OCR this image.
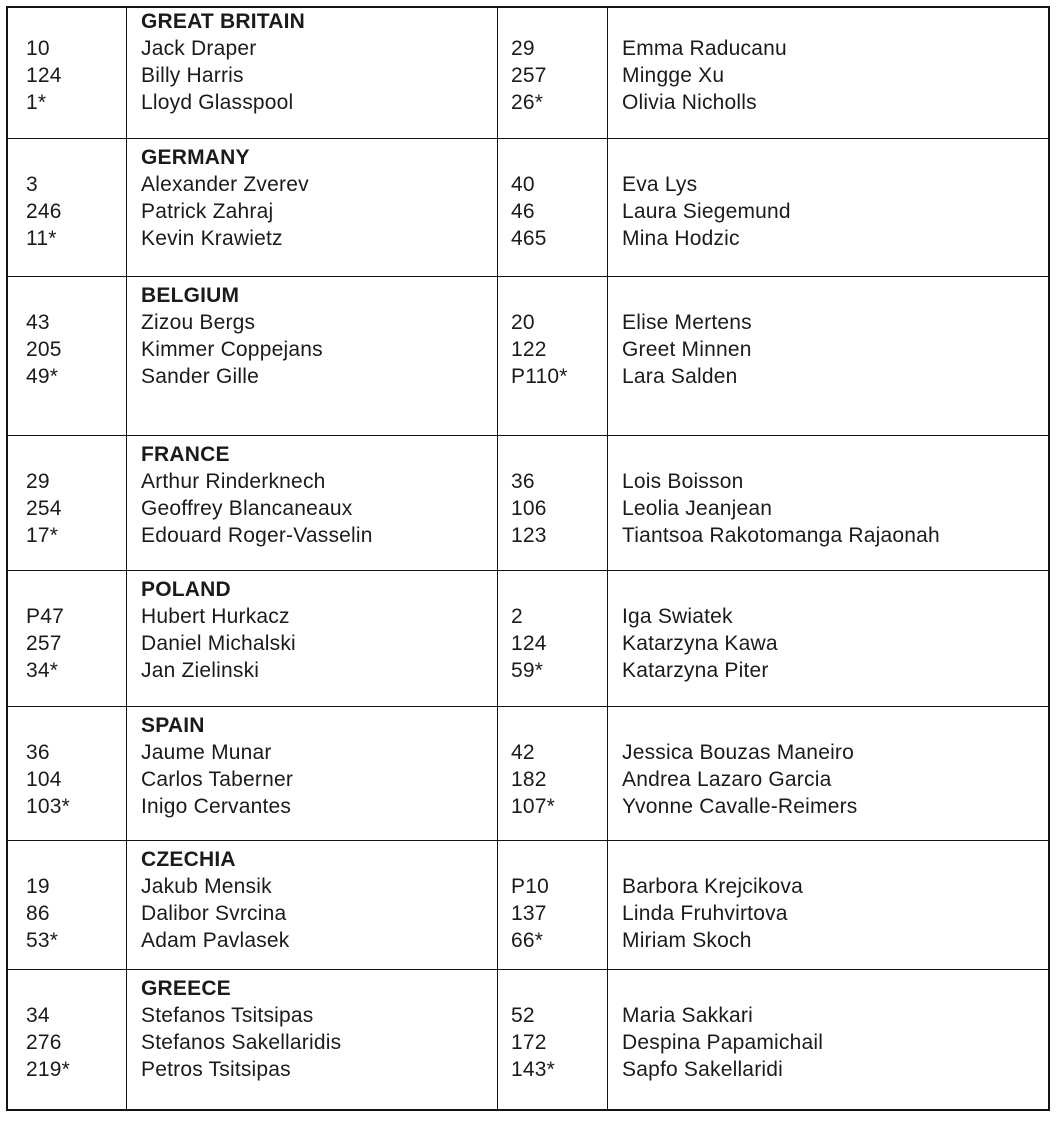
10
124
1*
GREAT BRITAIN
Jack Draper
Billy Harris
Lloyd Glasspool
29
257
26*
Emma Raducanu
Mingge Xu
Olivia Nicholls
3
246
11*
GERMANY
Alexander Zverev
Patrick Zahraj
Kevin Krawietz
40
46
465
Eva Lys
Laura Siegemund
Mina Hodzic
43
205
49*
BELGIUM
Zizou Bergs
Kimmer Coppejans
Sander Gille
20
122
P110*
Elise Mertens
Greet Minnen
Lara Salden
29
254
17*
FRANCE
Arthur Rinderknech
Geoffrey Blancaneaux
Edouard Roger-Vasselin
36
106
123
Lois Boisson
Leolia Jeanjean
Tiantsoa Rakotomanga Rajaonah
P47
257
34*
POLAND
Hubert Hurkacz
Daniel Michalski
Jan Zielinski
2
124
59*
Iga Swiatek
Katarzyna Kawa
Katarzyna Piter
36
104
103*
SPAIN
Jaume Munar
Carlos Taberner
Inigo Cervantes
42
182
107*
Jessica Bouzas Maneiro
Andrea Lazaro Garcia
Yvonne Cavalle-Reimers
19
86
53*
CZECHIA
Jakub Mensik
Dalibor Svrcina
Adam Pavlasek
P10
137
66*
Barbora Krejcikova
Linda Fruhvirtova
Miriam Skoch
34
276
219*
GREECE
Stefanos Tsitsipas
Stefanos Sakellaridis
Petros Tsitsipas
52
172
143*
Maria Sakkari
Despina Papamichail
Sapfo Sakellaridi
